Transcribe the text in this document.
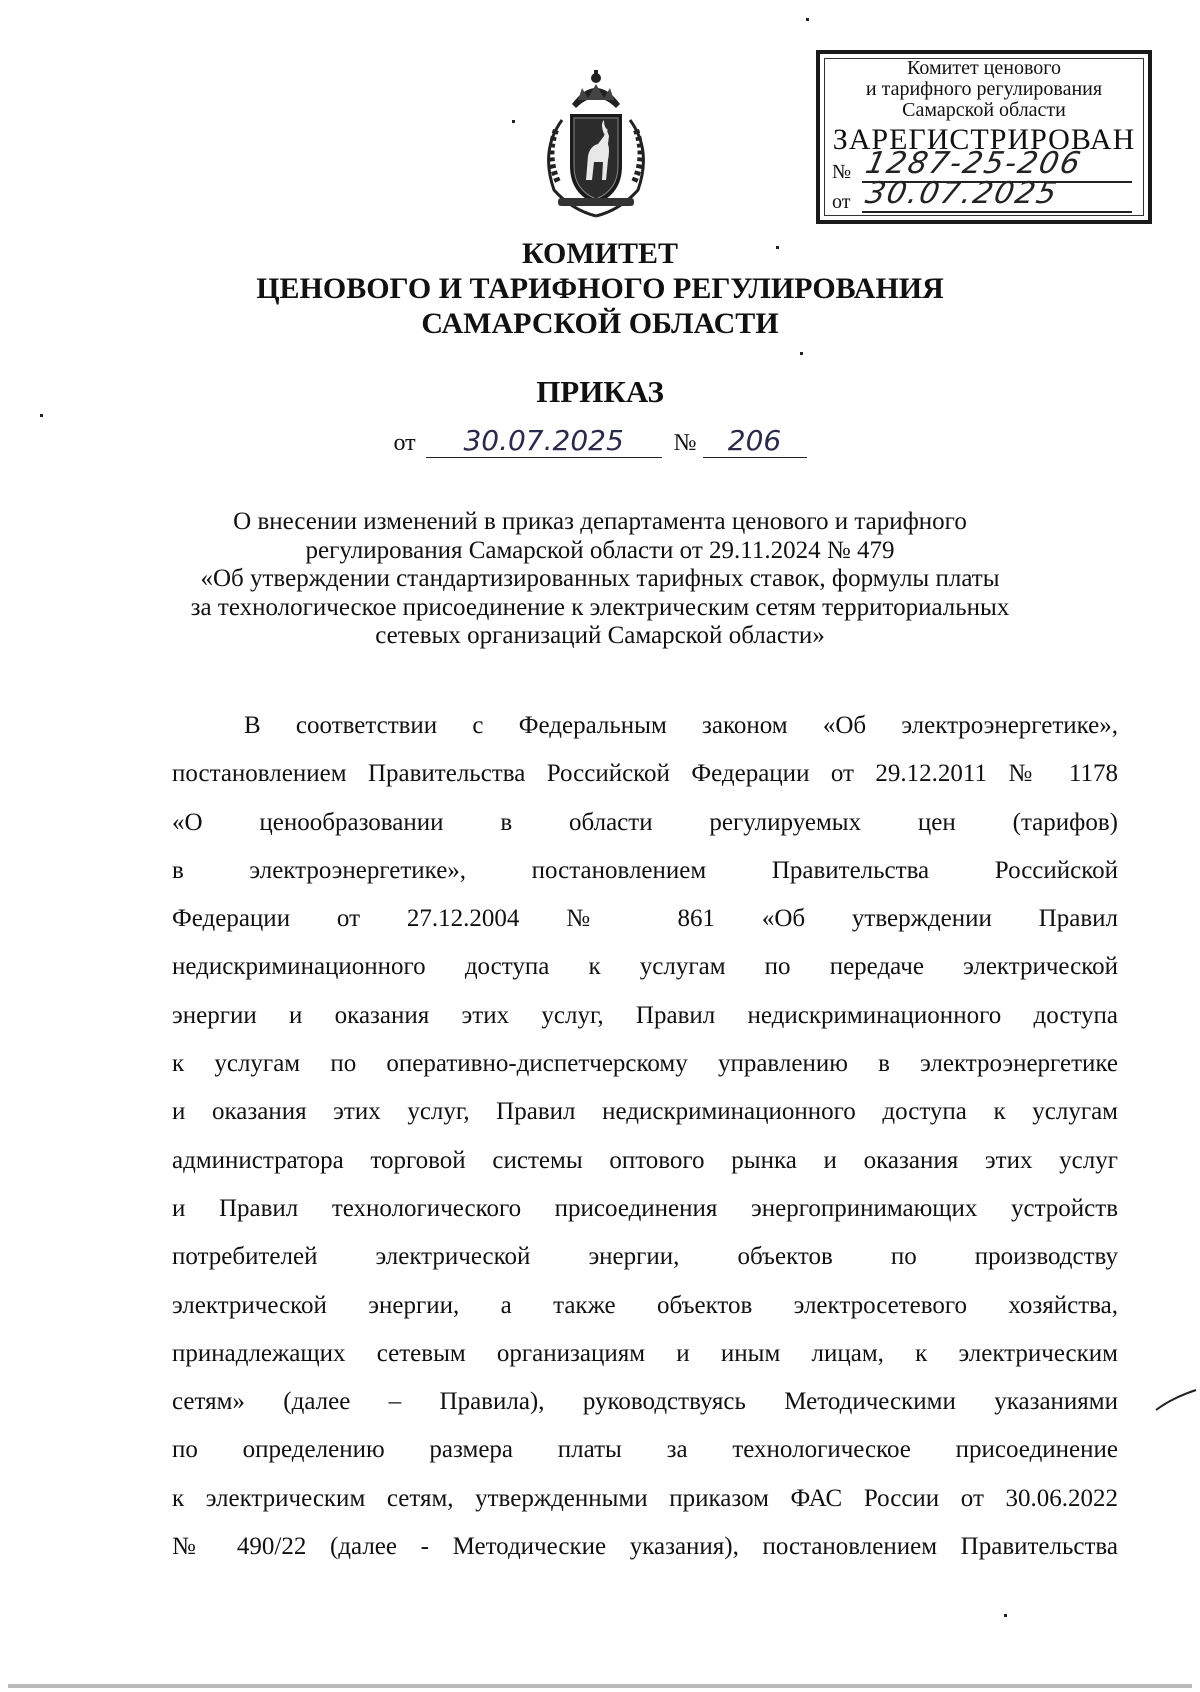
Комитет ценового
и тарифного регулирования
Самарской области
ЗАРЕГИСТРИРОВАН
№ 1287-25-206
от 30.07.2025
КОМИТЕТ
ЦЕНОВОГО И ТАРИФНОГО РЕГУЛИРОВАНИЯ
САМАРСКОЙ ОБЛАСТИ
ПРИКАЗ
от 30.07.2025 № 206
О внесении изменений в приказ департамента ценового и тарифного
регулирования Самарской области от 29.11.2024 № 479
«Об утверждении стандартизированных тарифных ставок, формулы платы
за технологическое присоединение к электрическим сетям территориальных
сетевых организаций Самарской области»

В соответствии с Федеральным законом «Об электроэнергетике»,

постановлением Правительства Российской Федерации от 29.12.2011 № 1178
«О ценообразовании в области регулируемых цен (тарифов)
в электроэнергетике», постановлением Правительства Российской
Федерации от 27.12.2004 № 861 «Об утверждении Правил
недискриминационного доступа к услугам по передаче электрической
энергии и оказания этих услуг, Правил недискриминационного доступа
к услугам по оперативно-диспетчерскому управлению в электроэнергетике
и оказания этих услуг, Правил недискриминационного доступа к услугам
администратора торговой системы оптового рынка и оказания этих услуг
и Правил технологического присоединения энергопринимающих устройств
потребителей электрической энергии, объектов по производству
электрической энергии, а также объектов электросетевого хозяйства,
принадлежащих сетевым организациям и иным лицам, к электрическим
сетям» (далее – Правила), руководствуясь Методическими указаниями
по определению размера платы за технологическое присоединение
к электрическим сетям, утвержденными приказом ФАС России от 30.06.2022
№ 490/22 (далее - Методические указания), постановлением Правительства
